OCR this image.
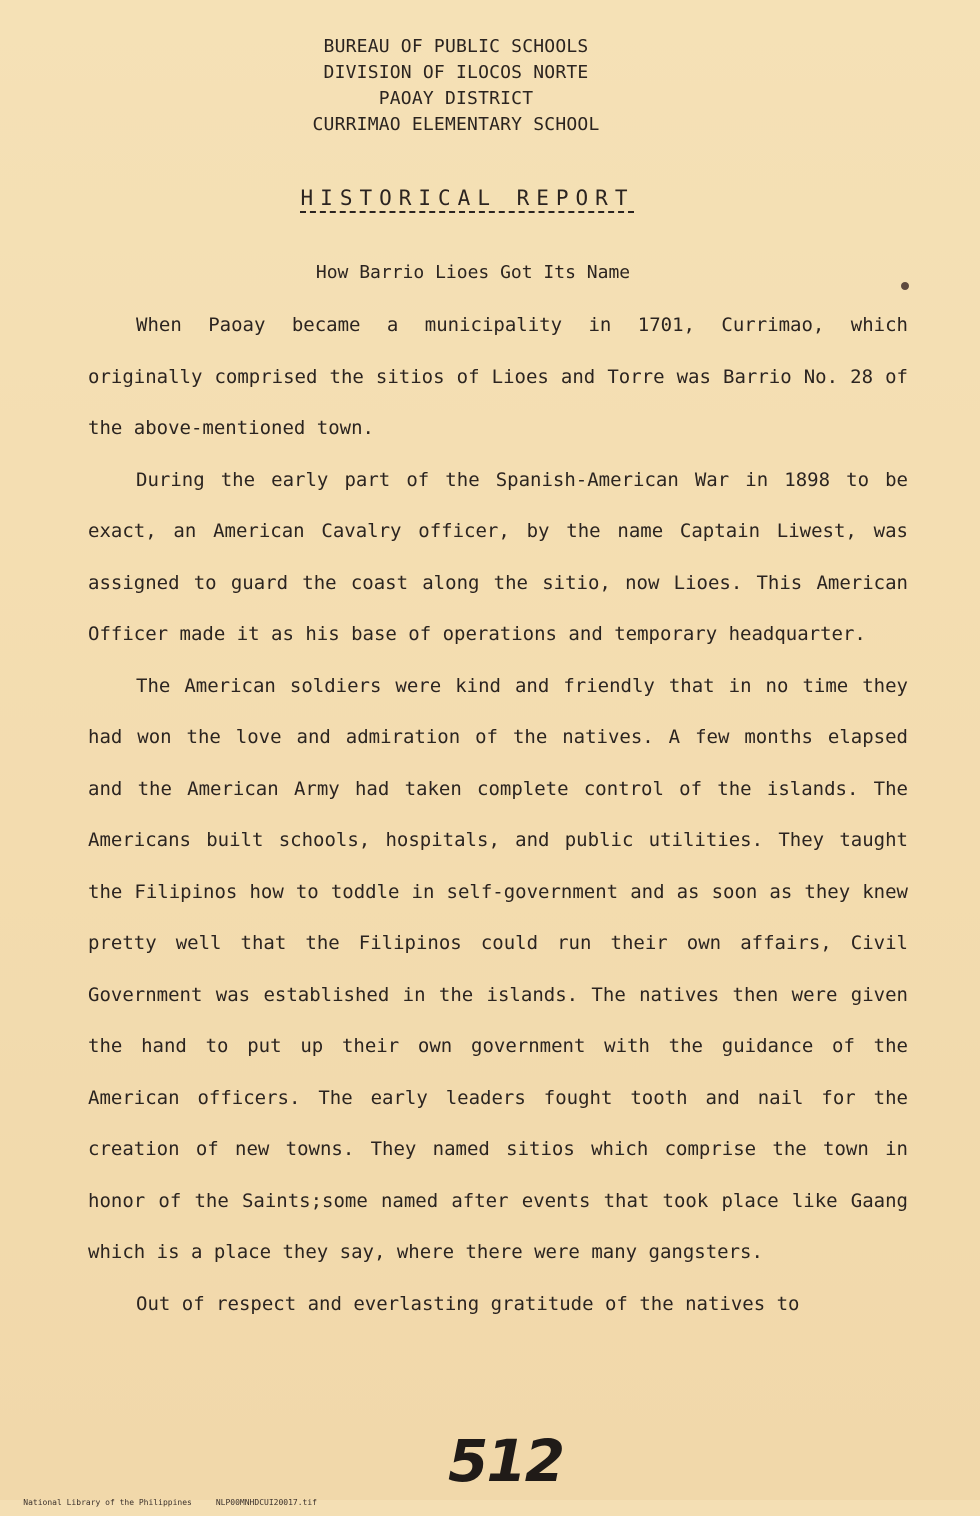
BUREAU OF PUBLIC SCHOOLS
DIVISION OF ILOCOS NORTE
PAOAY DISTRICT
CURRIMAO ELEMENTARY SCHOOL
HISTORICAL REPORT
How Barrio Lioes Got Its Name

When Paoay became a municipality in 1701, Currimao, which originally comprised the sitios of Lioes and Torre was Barrio No. 28 of the above-mentioned town.

During the early part of the Spanish-American War in 1898 to be exact, an American Cavalry officer, by the name Captain Liwest, was assigned to guard the coast along the sitio, now Lioes. This American Officer made it as his base of operations and temporary headquarter.

The American soldiers were kind and friendly that in no time they had won the love and admiration of the natives. A few months elapsed and the American Army had taken complete control of the islands. The Americans built schools, hospitals, and public utilities. They taught the Filipinos how to toddle in self-government and as soon as they knew pretty well that the Filipinos could run their own affairs, Civil Government was established in the islands. The natives then were given the hand to put up their own government with the guidance of the American officers. The early leaders fought tooth and nail for the creation of new towns. They named sitios which comprise the town in honor of the Saints;some named after events that took place like Gaang which is a place they say, where there were many gangsters.

Out of respect and everlasting gratitude of the natives to

512

National Library of the Philippines	NLP00MNHDCUI20017.tif
